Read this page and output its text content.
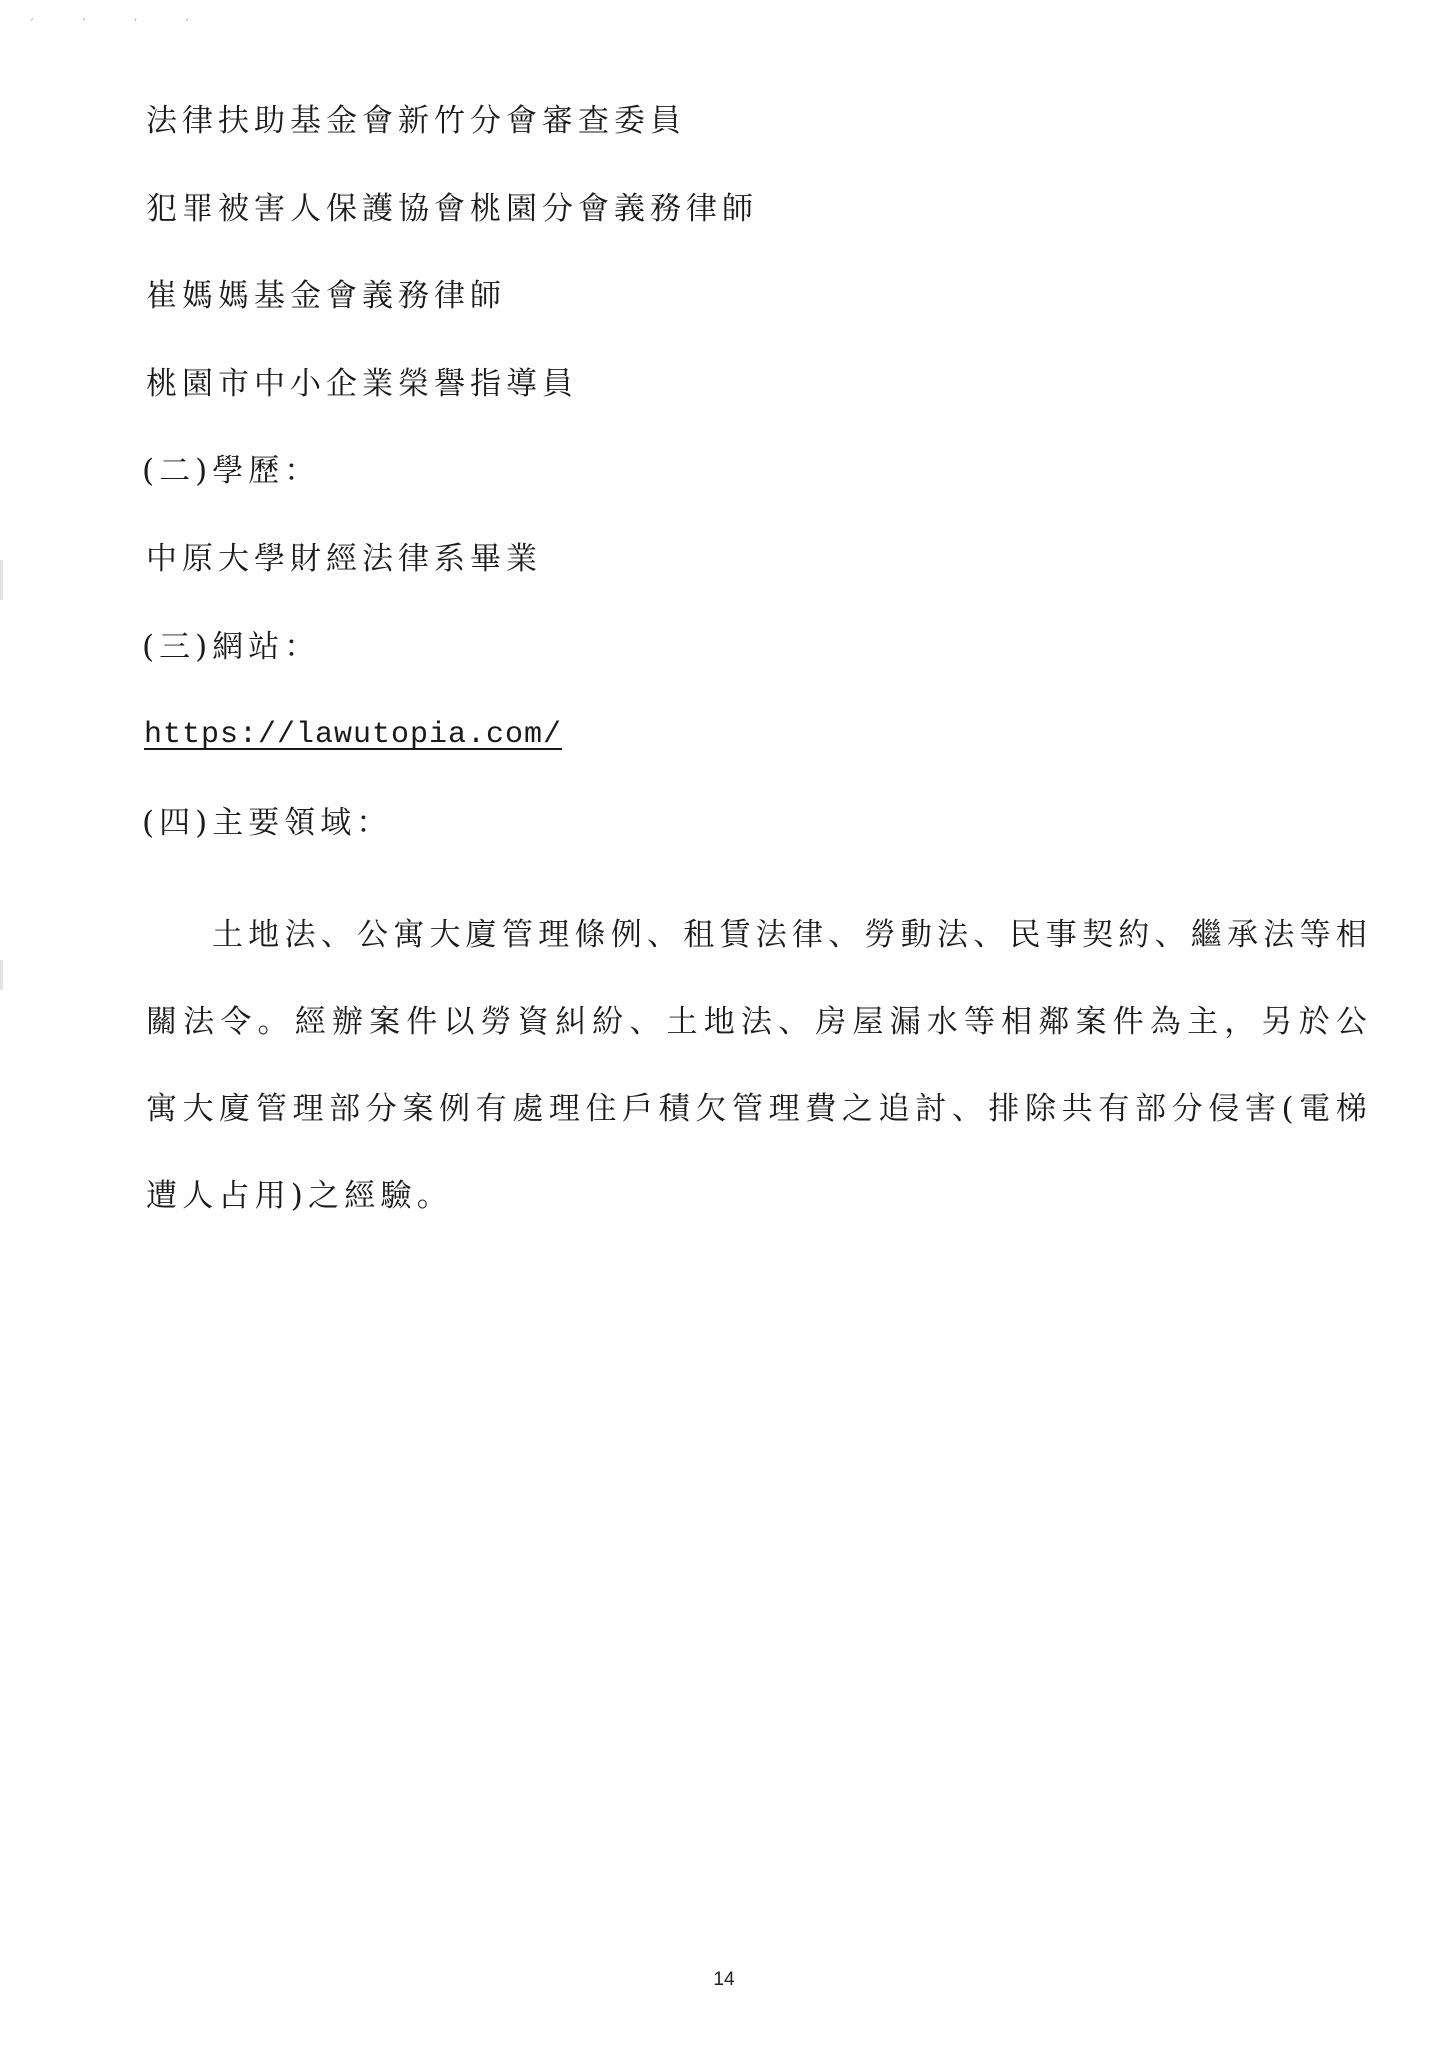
’ ʼ ‘ ʻ
法律扶助基金會新竹分會審查委員
犯罪被害人保護協會桃園分會義務律師
崔媽媽基金會義務律師
桃園市中小企業榮譽指導員
(二)學歷：
中原大學財經法律系畢業
(三)網站：
https://lawutopia.com/
(四)主要領域：
土地法、公寓大廈管理條例、租賃法律、勞動法、民事契約、繼承法等相關法令。經辦案件以勞資糾紛、土地法、房屋漏水等相鄰案件為主，另於公寓大廈管理部分案例有處理住戶積欠管理費之追討、排除共有部分侵害(電梯遭人占用)之經驗。
14
